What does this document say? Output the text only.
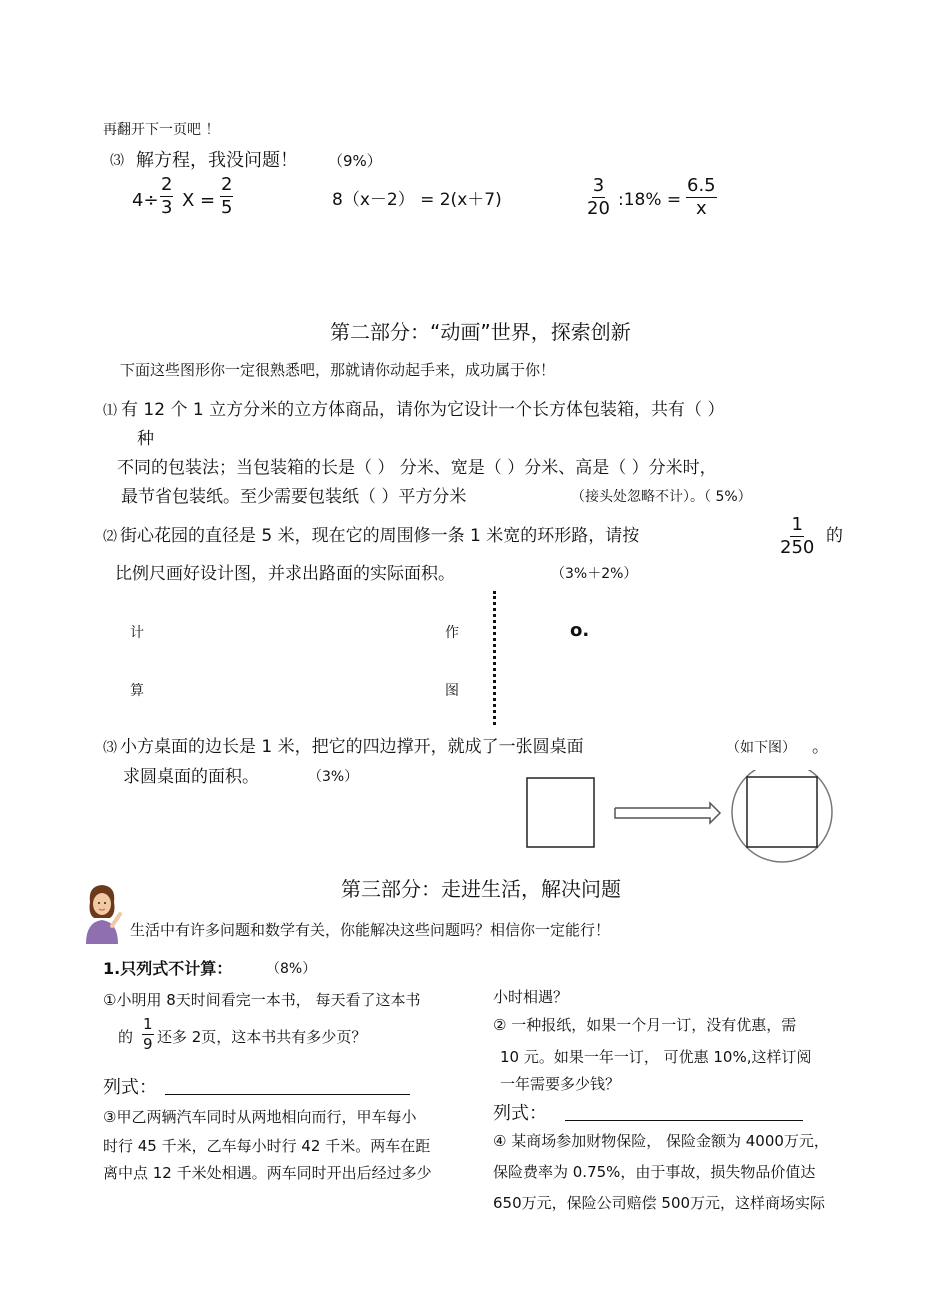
再翻开下一页吧 ！
⑶ 解方程，我没问题！ （9%）
$4\div \frac{2}{3}$ $X = \frac{2}{5}$	8（x－2） = 2(x＋7)	$\frac{3}{20}$ :18% = $\frac{6.5}{x}$
第二部分：“动画”世界，探索创新
下面这些图形你一定很熟悉吧，那就请你动起手来，成功属于你！
⑴ 有 12 个 1 立方分米的立方体商品，请你为它设计一个长方体包装箱，共有（ ）
种
不同的包装法；当包装箱的长是（ ） 分米、宽是（ ）分米、高是（ ）分米时，
最节省包装纸。至少需要包装纸（ ）平方分米	（接头处忽略不计）。（ 5%）
⑵ 街心花园的直径是 5 米，现在它的周围修一条 1 米宽的环形路，请按	$\frac{1}{250}$ 的
比例尺画好设计图，并求出路面的实际面积。	（3%＋2%）
计
算
作
图
o.
⑶ 小方桌面的边长是 1 米，把它的四边撑开，就成了一张圆桌面	（如下图） 。
求圆桌面的面积。	（3%）
第三部分：走进生活，解决问题
生活中有许多问题和数学有关，你能解决这些问题吗？相信你一定能行！
1.只列式不计算： （8%）
①小明用 8天时间看完一本书， 每天看了这本书
的 $\frac{1}{9}$ 还多 2页，这本书共有多少页？
列式：
③甲乙两辆汽车同时从两地相向而行，甲车每小
时行 45 千米，乙车每小时行 42 千米。两车在距
离中点 12 千米处相遇。两车同时开出后经过多少
小时相遇？
② 一种报纸，如果一个月一订，没有优惠，需
10 元。如果一年一订， 可优惠 10%,这样订阅
一年需要多少钱？
列式：
④ 某商场参加财物保险， 保险金额为 4000万元，
保险费率为 0.75%，由于事故，损失物品价值达
650万元，保险公司赔偿 500万元，这样商场实际
